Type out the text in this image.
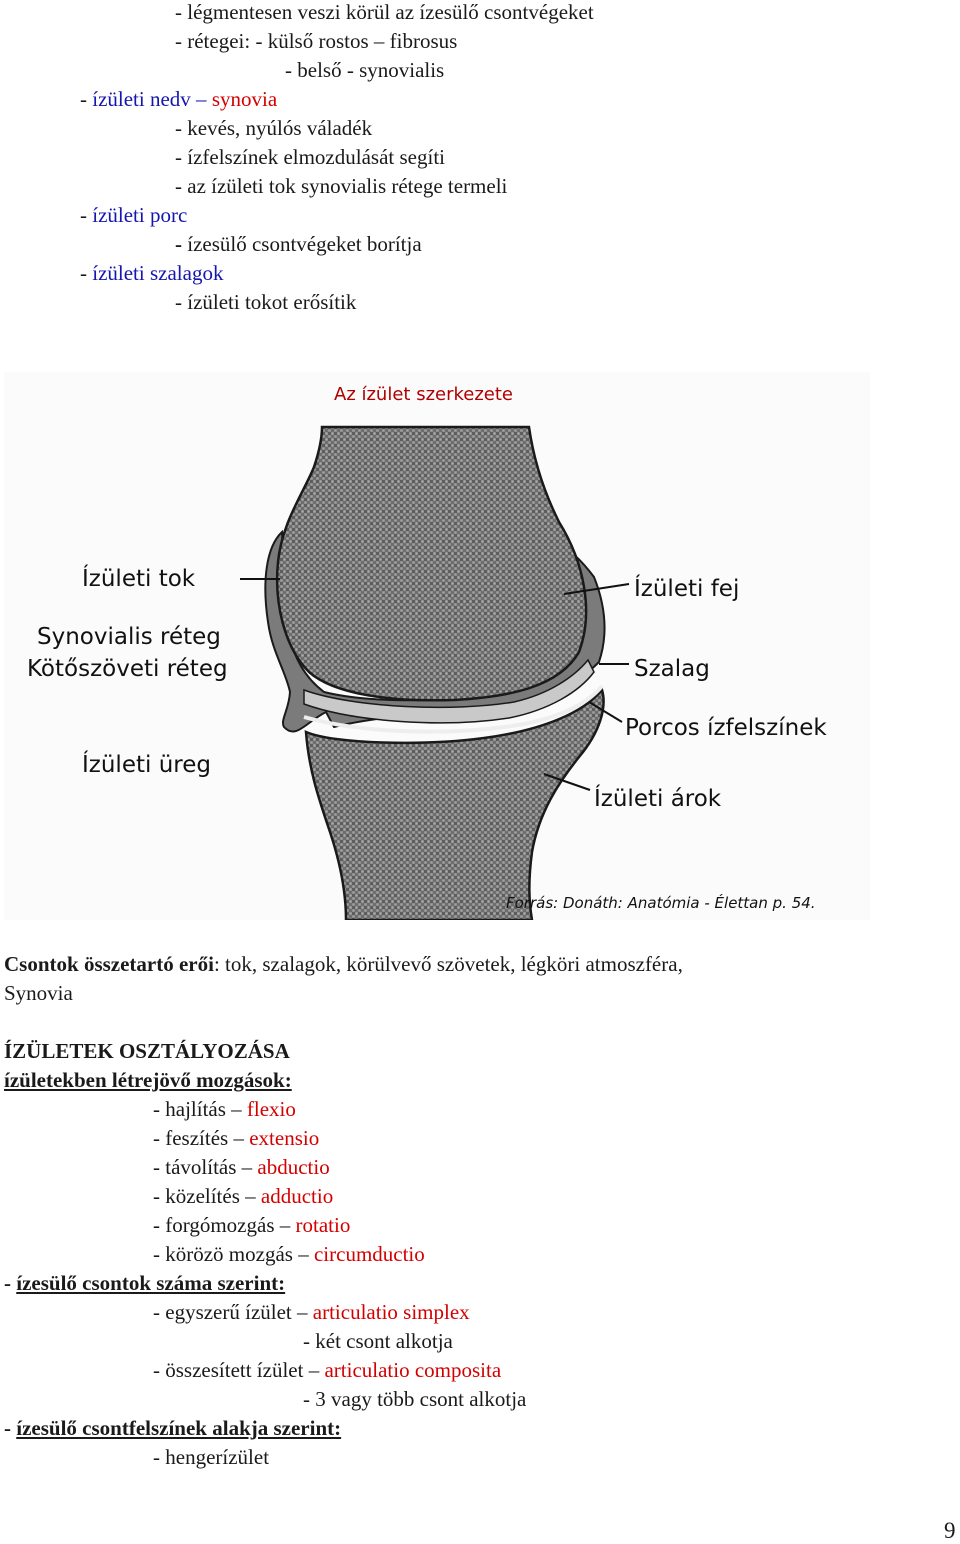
- légmentesen veszi körül az ízesülő csontvégeket
- rétegei: - külső rostos – fibrosus
- belső - synovialis
- ízületi nedv – synovia
- kevés, nyúlós váladék
- ízfelszínek elmozdulását segíti
- az ízületi tok synovialis rétege termeli
- ízületi porc
- ízesülő csontvégeket borítja
- ízületi szalagok
- ízületi tokot erősítik
Az ízület szerkezete
Ízületi tok
Synovialis réteg
Kötőszöveti réteg
Ízületi üreg
Ízületi fej
Szalag
Porcos ízfelszínek
Ízületi árok
Forrás: Donáth: Anatómia - Élettan p. 54.
Csontok összetartó erői: tok, szalagok, körülvevő szövetek, légköri atmoszféra,
Synovia
ÍZÜLETEK OSZTÁLYOZÁSA
ízületekben létrejövő mozgások:
- hajlítás – flexio
- feszítés – extensio
- távolítás – abductio
- közelítés – adductio
- forgómozgás – rotatio
- körözö mozgás – circumductio
- ízesülő csontok száma szerint:
- egyszerű ízület – articulatio simplex
- két csont alkotja
- összesített ízület – articulatio composita
- 3 vagy több csont alkotja
- ízesülő csontfelszínek alakja szerint:
- hengerízület
9
